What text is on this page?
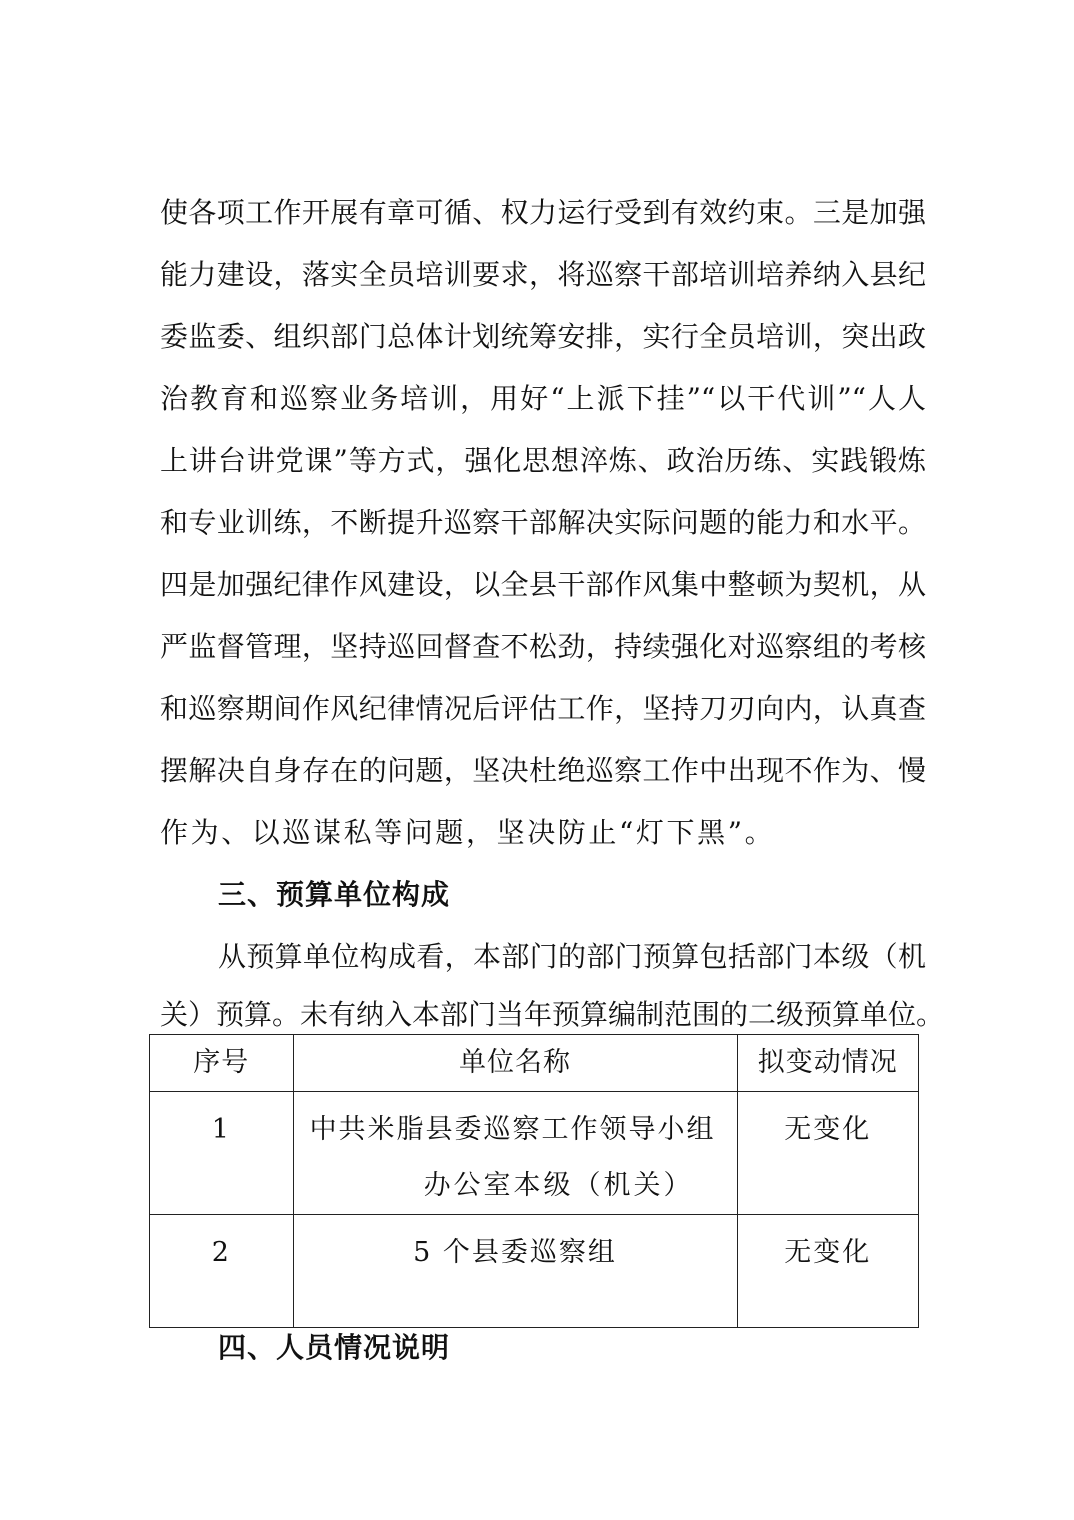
使各项工作开展有章可循、权力运行受到有效约束。三是加强
能力建设，落实全员培训要求，将巡察干部培训培养纳入县纪
委监委、组织部门总体计划统筹安排，实行全员培训，突出政
治教育和巡察业务培训，用好“上派下挂”“以干代训”“人人
上讲台讲党课”等方式，强化思想淬炼、政治历练、实践锻炼
和专业训练，不断提升巡察干部解决实际问题的能力和水平。
四是加强纪律作风建设，以全县干部作风集中整顿为契机，从
严监督管理，坚持巡回督查不松劲，持续强化对巡察组的考核
和巡察期间作风纪律情况后评估工作，坚持刀刃向内，认真查
摆解决自身存在的问题，坚决杜绝巡察工作中出现不作为、慢
作为、以巡谋私等问题，坚决防止“灯下黑”。
三、预算单位构成
从预算单位构成看，本部门的部门预算包括部门本级（机
关）预算。未有纳入本部门当年预算编制范围的二级预算单位。
序号	单位名称	拟变动情况

1	中共米脂县委巡察工作领导小组
办公室本级（机关）	无变化

2	5 个县委巡察组	无变化
四、人员情况说明
